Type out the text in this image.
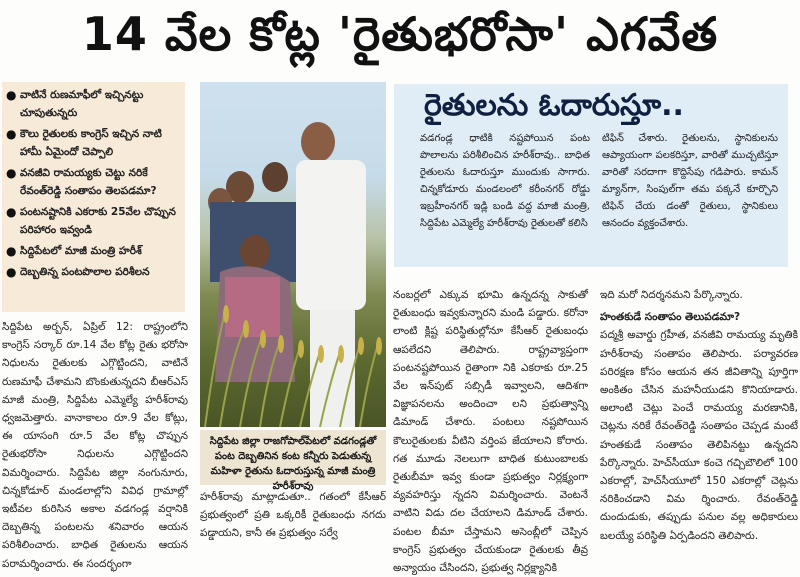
14 వేల కోట్ల 'రైతుభరోసా' ఎగవేత
● వాటినే రుణమాఫీలో ఇచ్చినట్టు చూపుతున్నరు
● కౌలు రైతులకు కాంగ్రెస్ ఇచ్చిన నాటి హామీ ఏమైందో చెప్పాలి
● వనజీవి రామయ్యకు చెట్టు నరికే రేవంత్‌రెడ్డి సంతాపం తెలపడమా?
● పంటనష్టానికి ఎకరాకు 25వేల చొప్పున పరిహారం ఇవ్వండి
● సిద్దిపేటలో మాజీ మంత్రి హరీశ్
● దెబ్బతిన్న పంటపొలాల పరిశీలన
సిద్దిపేట జిల్లా రాజగోపాల్‌పేటలో వడగండ్లతో పంట దెబ్బతినిన కంట కన్నీరు పెడుతున్న మహిళా రైతును ఓదారుస్తున్న మాజీ మంత్రి హరీశ్‌రావు

సిద్దిపేట అర్బన్, ఏప్రిల్ 12: రాష్ట్రంలోని కాంగ్రెస్ సర్కార్ రూ.14 వేల కోట్ల రైతు భరోసా నిధులను రైతులకు ఎగ్గొట్టిందని, వాటినే రుణమాఫీ చేశామని బొంకుతున్నదని బీఆర్ఎస్ మాజీ మంత్రి, సిద్దిపేట ఎమ్మెల్యే హరీశ్‌రావు ధ్వజమెత్తారు. వానాకాలం రూ.9 వేల కోట్లు, ఈ యాసంగి రూ.5 వేల కోట్ల చొప్పున రైతుభరోసా నిధులను ఎగ్గొట్టిందని విమర్శించారు. సిద్దిపేట జిల్లా నంగునూరు, చిన్నకోడూర్ మండలాల్లోని వివిధ గ్రామాల్లో ఇటీవల కురిసిన అకాల వడగండ్ల వర్షానికి దెబ్బతిన్న పంటలను శనివారం ఆయన పరిశీలించారు. బాధిత రైతులను ఆయన పరామర్శించారు. ఈ సందర్భంగా

హరీశ్‌రావు మాట్లాడుతూ.. గతంలో కేసీఆర్ ప్రభుత్వంలో ప్రతి ఒక్కరికీ రైతుబంధు నగదు పడ్డాయని, కానీ ఈ ప్రభుత్వం సర్వే

రైతులను ఓదారుస్తూ..
వడగండ్ల ధాటికి నష్టపోయిన పంట పొలాలను పరిశీలించిన హరీశ్‌రావు.. బాధిత రైతులను ఓదారుస్తూ ముందుకు సాగారు. చిన్నకోడూరు మండలంలో కరీంనగర్ రోడ్డు ఇబ్రహీంనగర్ ఇడ్లి బండి వద్ద మాజీ మంత్రి, సిద్దిపేట ఎమ్మెల్యే హరీశ్‌రావు రైతులతో కలిసి
టిఫిన్ చేశారు. రైతులను, స్థానికులను ఆప్యాయంగా పలకరిస్తూ, వారితో ముచ్చటిస్తూ వారితో సరదాగా కొద్దిసేపు గడిపారు. కామన్ మ్యాన్‌గా, సింపుల్‌గా తమ పక్కనే కూర్చొని టిఫిన్ చేయ డంతో రైతులు, స్థానికులు ఆనందం వ్యక్తంచేశారు.

నంబర్లలో ఎక్కువ భూమి ఉన్నదన్న సాకుతో రైతుబంధు ఇవ్వకున్నారని మండి పడ్డారు. కరోనా లాంటి క్లిష్ట పరిస్థితుల్లోనూ కేసీఆర్ రైతుబంధు ఆపలేదని తెలిపారు. రాష్ట్రవ్యాప్తంగా పంటనష్టపోయిన రైతాంగా నికి ఎకరాకు రూ.25 వేల ఇన్‌పుట్ సబ్సిడీ ఇవ్వాలని, ఆదిశగా విజ్ఞాపనలను అందించా లని ప్రభుత్వాన్ని డిమాండ్ చేశారు. పంటలు నష్టపోయిన కౌలురైతులకు వీటిని వర్తింప జేయాలని కోరారు. గత మూడు నెలలుగా బాధిత కుటుంబాలకు రైతుబీమా ఇవ్వ కుండా ప్రభుత్వం నిర్లక్ష్యంగా వ్యవహరిస్తు న్నదని విమర్శించారు. వెంటనే వాటిని విడు దల చేయాలని డిమాండ్ చేశారు. పంటల బీమా చేస్తామని అసెంబ్లీలో చెప్పిన కాంగ్రెస్ ప్రభుత్వం చేయకుండా రైతులకు తీవ్ర అన్యాయం చేసిందని, ప్రభుత్వ నిర్లక్ష్యానికి

ఇది మరో నిదర్శనమని పేర్కొన్నారు.

హంతకుడే సంతాపం తెలుపడమా?

పద్మశ్రీ అవార్డు గ్రహీత, వనజీవి రామయ్య మృతికి హరీశ్‌రావు సంతాపం తెలిపారు. పర్యావరణ పరిరక్షణ కోసం ఆయన తన జీవితాన్ని పూర్తిగా అంకితం చేసిన మహనీయుడని కొనియాడారు. అలాంటి చెట్లు పెంచే రామయ్య మరణానికి, చెట్లను నరికే రేవంత్‌రెడ్డి సంతాపం చెప్పడ మంటే హంతకుడే సంతాపం తెలిపినట్టు ఉన్నదని పేర్కొన్నారు. హెచ్‌సీయూ కంచె గచ్చిబౌలిలో 100 ఎకరాల్లో, హెచ్‌సీయూలో 150 ఎకరాల్లో చెట్లను నరికించడాని విమ ర్శించారు. రేవంత్‌రెడ్డి దుందుడుకు, తప్పుడు పనుల వల్ల అధికారులు బలయ్యే పరిస్థితి ఏర్పడిందని తెలిపారు.
